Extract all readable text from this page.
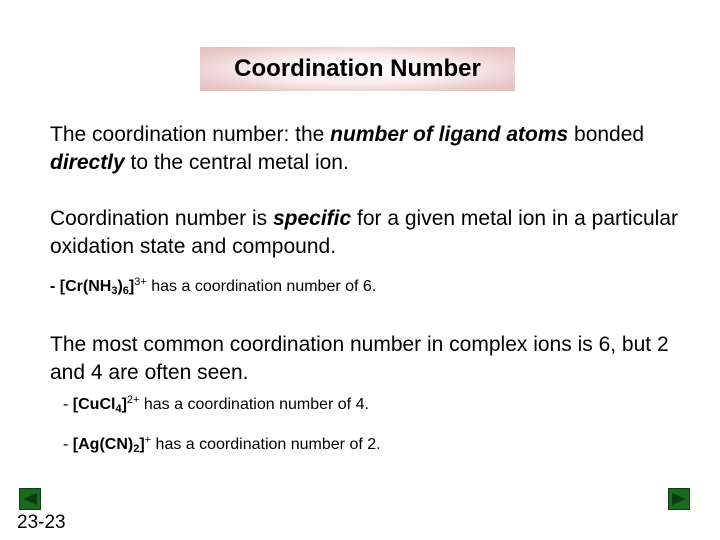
Coordination Number

The coordination number: the number of ligand atoms bonded directly to the central metal ion.

Coordination number is specific for a given metal ion in a particular oxidation state and compound.

- $[Cr(NH_3)_6]^{3+}$ has a coordination number of 6.

The most common coordination number in complex ions is 6, but 2 and 4 are often seen.

- [CuCl$_4$]$^{2+}$ has a coordination number of 4.
- $[Ag(CN)_2]^+$ has a coordination number of 2.
23-23
